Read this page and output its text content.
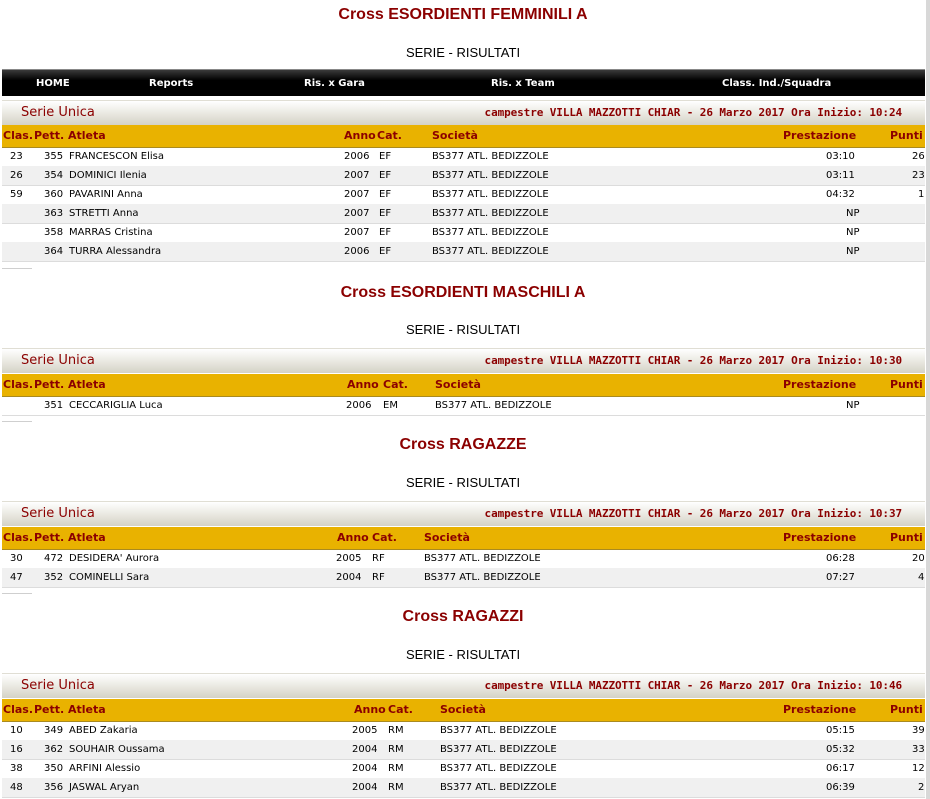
Cross ESORDIENTI FEMMINILI A

SERIE - RISULTATI

HOME	Reports	Ris. x Gara	Ris. x Team	Class. Ind./Squadra
Serie Unica	campestre VILLA MAZZOTTI CHIAR - 26 Marzo 2017 Ora Inizio: 10:24
Clas. Pett. Atleta	Anno Cat.	Società	Prestazione	Punti
23 355 FRANCESCON Elisa	2006 EF	BS377 ATL. BEDIZZOLE	03:10	26
26 354 DOMINICI Ilenia	2007 EF	BS377 ATL. BEDIZZOLE	03:11	23
59 360 PAVARINI Anna	2007 EF	BS377 ATL. BEDIZZOLE	04:32	1
363 STRETTI Anna	2007 EF	BS377 ATL. BEDIZZOLE	NP
358 MARRAS Cristina	2007 EF	BS377 ATL. BEDIZZOLE	NP
364 TURRA Alessandra	2006 EF	BS377 ATL. BEDIZZOLE	NP

Cross ESORDIENTI MASCHILI A

SERIE - RISULTATI

Serie Unica	campestre VILLA MAZZOTTI CHIAR - 26 Marzo 2017 Ora Inizio: 10:30
Clas. Pett. Atleta	Anno Cat. Società	Prestazione	Punti
351 CECCARIGLIA Luca	2006 EM	BS377 ATL. BEDIZZOLE	NP

Cross RAGAZZE

SERIE - RISULTATI

Serie Unica	campestre VILLA MAZZOTTI CHIAR - 26 Marzo 2017 Ora Inizio: 10:37
Clas. Pett. Atleta	Anno Cat. Società	Prestazione	Punti
30 472 DESIDERA' Aurora	2005 RF	BS377 ATL. BEDIZZOLE	06:28	20
47 352 COMINELLI Sara	2004 RF	BS377 ATL. BEDIZZOLE	07:27	4

Cross RAGAZZI

SERIE - RISULTATI

Serie Unica	campestre VILLA MAZZOTTI CHIAR - 26 Marzo 2017 Ora Inizio: 10:46
Clas. Pett. Atleta	Anno Cat. Società	Prestazione	Punti
10 349 ABED Zakaria	2005 RM	BS377 ATL. BEDIZZOLE	05:15	39
16 362 SOUHAIR Oussama	2004 RM	BS377 ATL. BEDIZZOLE	05:32	33
38 350 ARFINI Alessio	2004 RM	BS377 ATL. BEDIZZOLE	06:17	12
48 356 JASWAL Aryan	2004 RM	BS377 ATL. BEDIZZOLE	06:39	2
